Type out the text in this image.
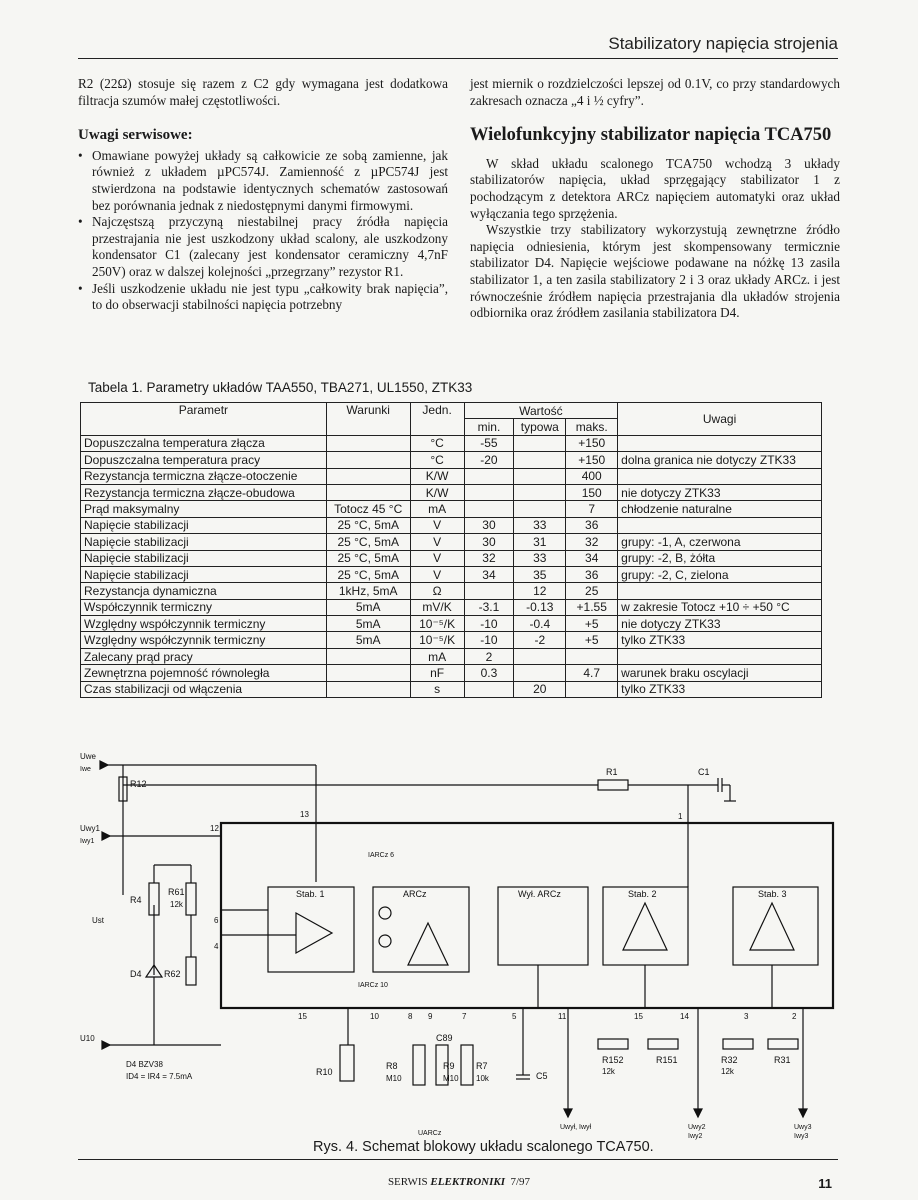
Stabilizatory napięcia strojenia

R2 (22Ω) stosuje się razem z C2 gdy wymagana jest dodatkowa filtracja szumów małej częstotliwości.

Uwagi serwisowe:
• Omawiane powyżej układy są całkowicie ze sobą zamienne, jak również z układem µPC574J. Zamienność z µPC574J jest stwierdzona na podstawie identycznych schematów zastosowań bez porównania jednak z niedostępnymi danymi firmowymi.
• Najczęstszą przyczyną niestabilnej pracy źródła napięcia przestrajania nie jest uszkodzony układ scalony, ale uszkodzony kondensator C1 (zalecany jest kondensator ceramiczny 4,7nF 250V) oraz w dalszej kolejności „przegrzany” rezystor R1.
• Jeśli uszkodzenie układu nie jest typu „całkowity brak napięcia”, to do obserwacji stabilności napięcia potrzebny

jest miernik o rozdzielczości lepszej od 0.1V, co przy standardowych zakresach oznacza „4 i ½ cyfry”.

Wielofunkcyjny stabilizator napięcia TCA750

W skład układu scalonego TCA750 wchodzą 3 układy stabilizatorów napięcia, układ sprzęgający stabilizator 1 z pochodzącym z detektora ARCz napięciem automatyki oraz układ wyłączania tego sprzężenia.

Wszystkie trzy stabilizatory wykorzystują zewnętrzne źródło napięcia odniesienia, którym jest skompensowany termicznie stabilizator D4. Napięcie wejściowe podawane na nóżkę 13 zasila stabilizator 1, a ten zasila stabilizatory 2 i 3 oraz układy ARCz. i jest równocześnie źródłem napięcia przestrajania dla układów strojenia odbiornika oraz źródłem zasilania stabilizatora D4.

Tabela 1. Parametry układów TAA550, TBA271, UL1550, ZTK33
Parametr	Warunki	Jedn.	Wartość			Uwagi
			min.	typowa	maks.	
Dopuszczalna temperatura złącza		°C	-55		+150	
Dopuszczalna temperatura pracy		°C	-20		+150	dolna granica nie dotyczy ZTK33
Rezystancja termiczna złącze-otoczenie		K/W			400	
Rezystancja termiczna złącze-obudowa		K/W			150	nie dotyczy ZTK33
Prąd maksymalny	Totocz 45 °C	mA			7	chłodzenie naturalne
Napięcie stabilizacji	25 °C, 5mA	V	30	33	36	
Napięcie stabilizacji	25 °C, 5mA	V	30	31	32	grupy: -1, A, czerwona
Napięcie stabilizacji	25 °C, 5mA	V	32	33	34	grupy: -2, B, żółta
Napięcie stabilizacji	25 °C, 5mA	V	34	35	36	grupy: -2, C, zielona
Rezystancja dynamiczna	1kHz, 5mA	Ω		12	25	
Współczynnik termiczny	5mA	mV/K	-3.1	-0.13	+1.55	w zakresie Totocz +10 ÷ +50 °C
Względny współczynnik termiczny	5mA	10⁻⁵/K	-10	-0.4	+5	nie dotyczy ZTK33
Względny współczynnik termiczny	5mA	10⁻⁵/K	-10	-2	+5	tylko ZTK33
Zalecany prąd pracy		mA	2			
Zewnętrzna pojemność równoległa		nF	0.3		4.7	warunek braku oscylacji
Czas stabilizacji od włączenia		s		20		tylko ZTK33
Uwe
Iwe
Uwy1
Iwy1
Ust
U10
R12
R1	C1
R4
R61
12k
D4 R62
Stab. 1	ARCz	Wył. ARCz	Stab. 2	Stab. 3
IARCz 6
IARCz 10
D4 BZV38
ID4 = IR4 = 7.5mA	R10
R8
M10
R9
M10
R7
10k
C89
C5
R152
12k
R151	R32
12k
R31
UARCz
Uwył, Iwył	Uwy2
Iwy2
Uwy3
Iwy3
13
12
6
4
1
15	10	8 9	7	5	11	15	14	3	2
Rys. 4. Schemat blokowy układu scalonego TCA750.
SERWIS ELEKTRONIKI 7/97	11
